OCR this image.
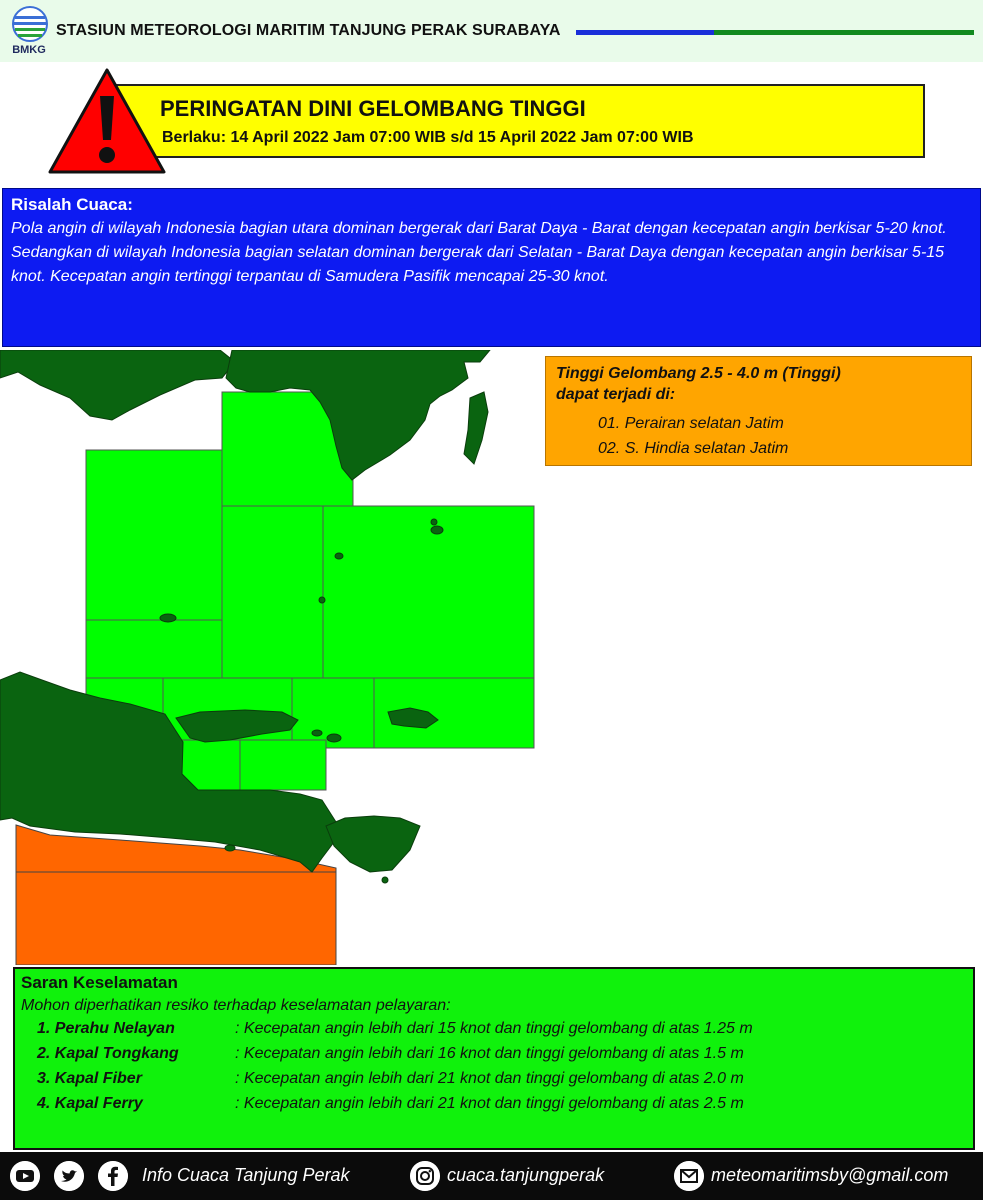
BMKG
STASIUN METEOROLOGI MARITIM TANJUNG PERAK SURABAYA
PERINGATAN DINI GELOMBANG TINGGI
Berlaku: 14 April 2022 Jam 07:00 WIB s/d 15 April 2022 Jam 07:00 WIB
Risalah Cuaca:
Pola angin di wilayah Indonesia bagian utara dominan bergerak dari Barat Daya - Barat dengan kecepatan angin berkisar 5-20 knot. Sedangkan di wilayah Indonesia bagian selatan dominan bergerak dari Selatan - Barat Daya dengan kecepatan angin berkisar 5-15 knot. Kecepatan angin tertinggi terpantau di Samudera Pasifik mencapai 25-30 knot.
Tinggi Gelombang 2.5 - 4.0 m (Tinggi)
dapat terjadi di:
01. Perairan selatan Jatim
02. S. Hindia selatan Jatim
Saran Keselamatan
Mohon diperhatikan resiko terhadap keselamatan pelayaran:
1. Perahu Nelayan	: Kecepatan angin lebih dari 15 knot dan tinggi gelombang di atas 1.25 m
2. Kapal Tongkang	: Kecepatan angin lebih dari 16 knot dan tinggi gelombang di atas 1.5 m
3. Kapal Fiber	: Kecepatan angin lebih dari 21 knot dan tinggi gelombang di atas 2.0 m
4. Kapal Ferry	: Kecepatan angin lebih dari 21 knot dan tinggi gelombang di atas 2.5 m
Info Cuaca Tanjung Perak	cuaca.tanjungperak	meteomaritimsby@gmail.com
